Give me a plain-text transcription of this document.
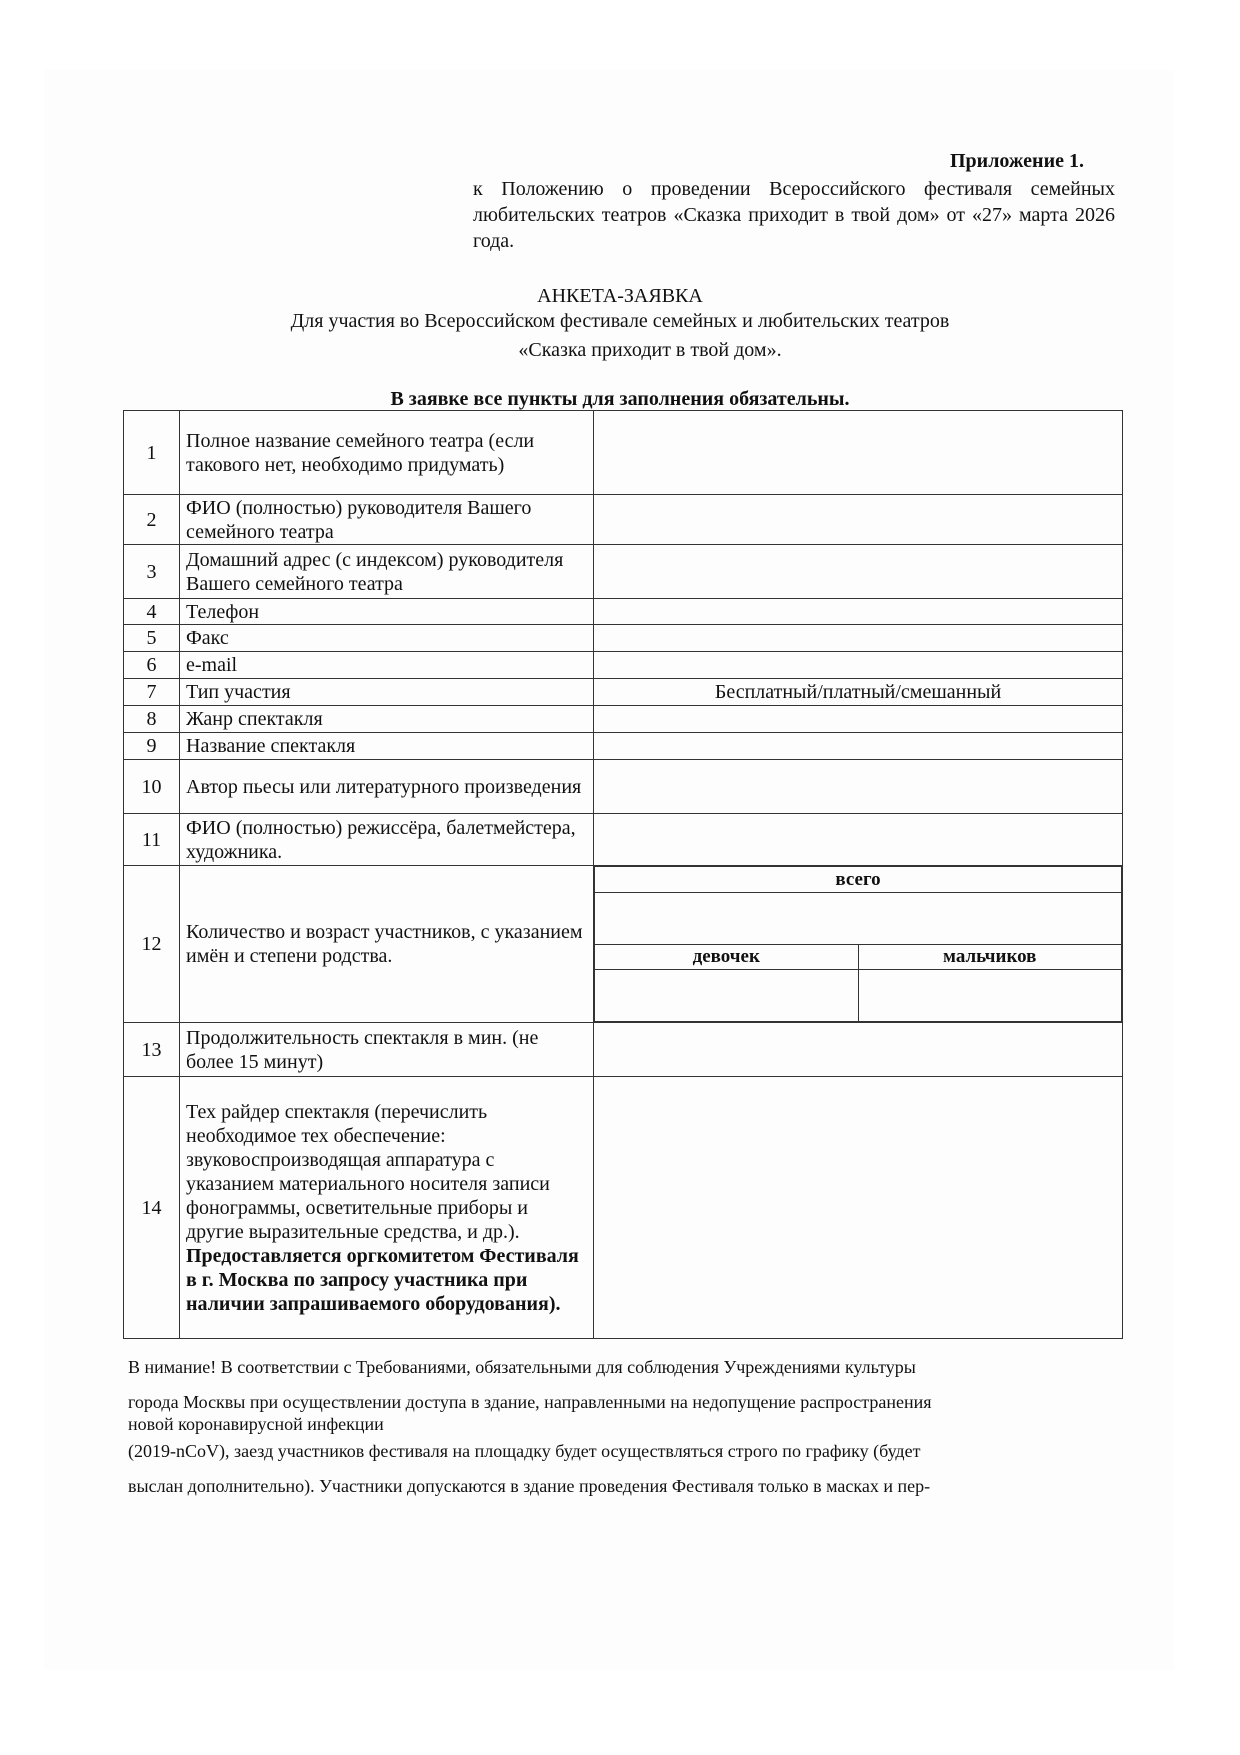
Приложение 1.
к Положению о проведении Всероссийского фестиваля семейных любительских театров «Сказка приходит в твой дом» от «27» марта 2026 года.
АНКЕТА-ЗАЯВКА
Для участия во Всероссийском фестивале семейных и любительских театров
«Сказка приходит в твой дом».
В заявке все пункты для заполнения обязательны.
1	Полное название семейного театра (если такового нет, необходимо придумать)	
2	ФИО (полностью) руководителя Вашего семейного театра	
3	Домашний адрес (с индексом) руководителя Вашего семейного театра	
4	Телефон	
5	Факс	
6	e-mail	
7	Тип участия	Бесплатный/платный/смешанный
8	Жанр спектакля	
9	Название спектакля	
10	Автор пьесы или литературного произведения	
11	ФИО (полностью) режиссёра, балетмейстера, художника.	
12	Количество и возраст участников, с указанием имён и степени родства.	
всего

девочек	мальчиков

13	Продолжительность спектакля в мин. (не более 15 минут)	
14	Тех райдер спектакля (перечислить необходимое тех обеспечение: звуковоспроизводящая аппаратура с указанием материального носителя записи фонограммы, осветительные приборы и другие выразительные средства, и др.). Предоставляется оргкомитетом Фестиваля в г. Москва по запросу участника при наличии запрашиваемого оборудования).	

В нимание! В соответствии с Требованиями, обязательными для соблюдения Учреждениями культуры

города Москвы при осуществлении доступа в здание, направленными на недопущение распространения

новой коронавирусной инфекции

(2019-nCoV), заезд участников фестиваля на площадку будет осуществляться строго по графику (будет

выслан дополнительно). Участники допускаются в здание проведения Фестиваля только в масках и пер-
